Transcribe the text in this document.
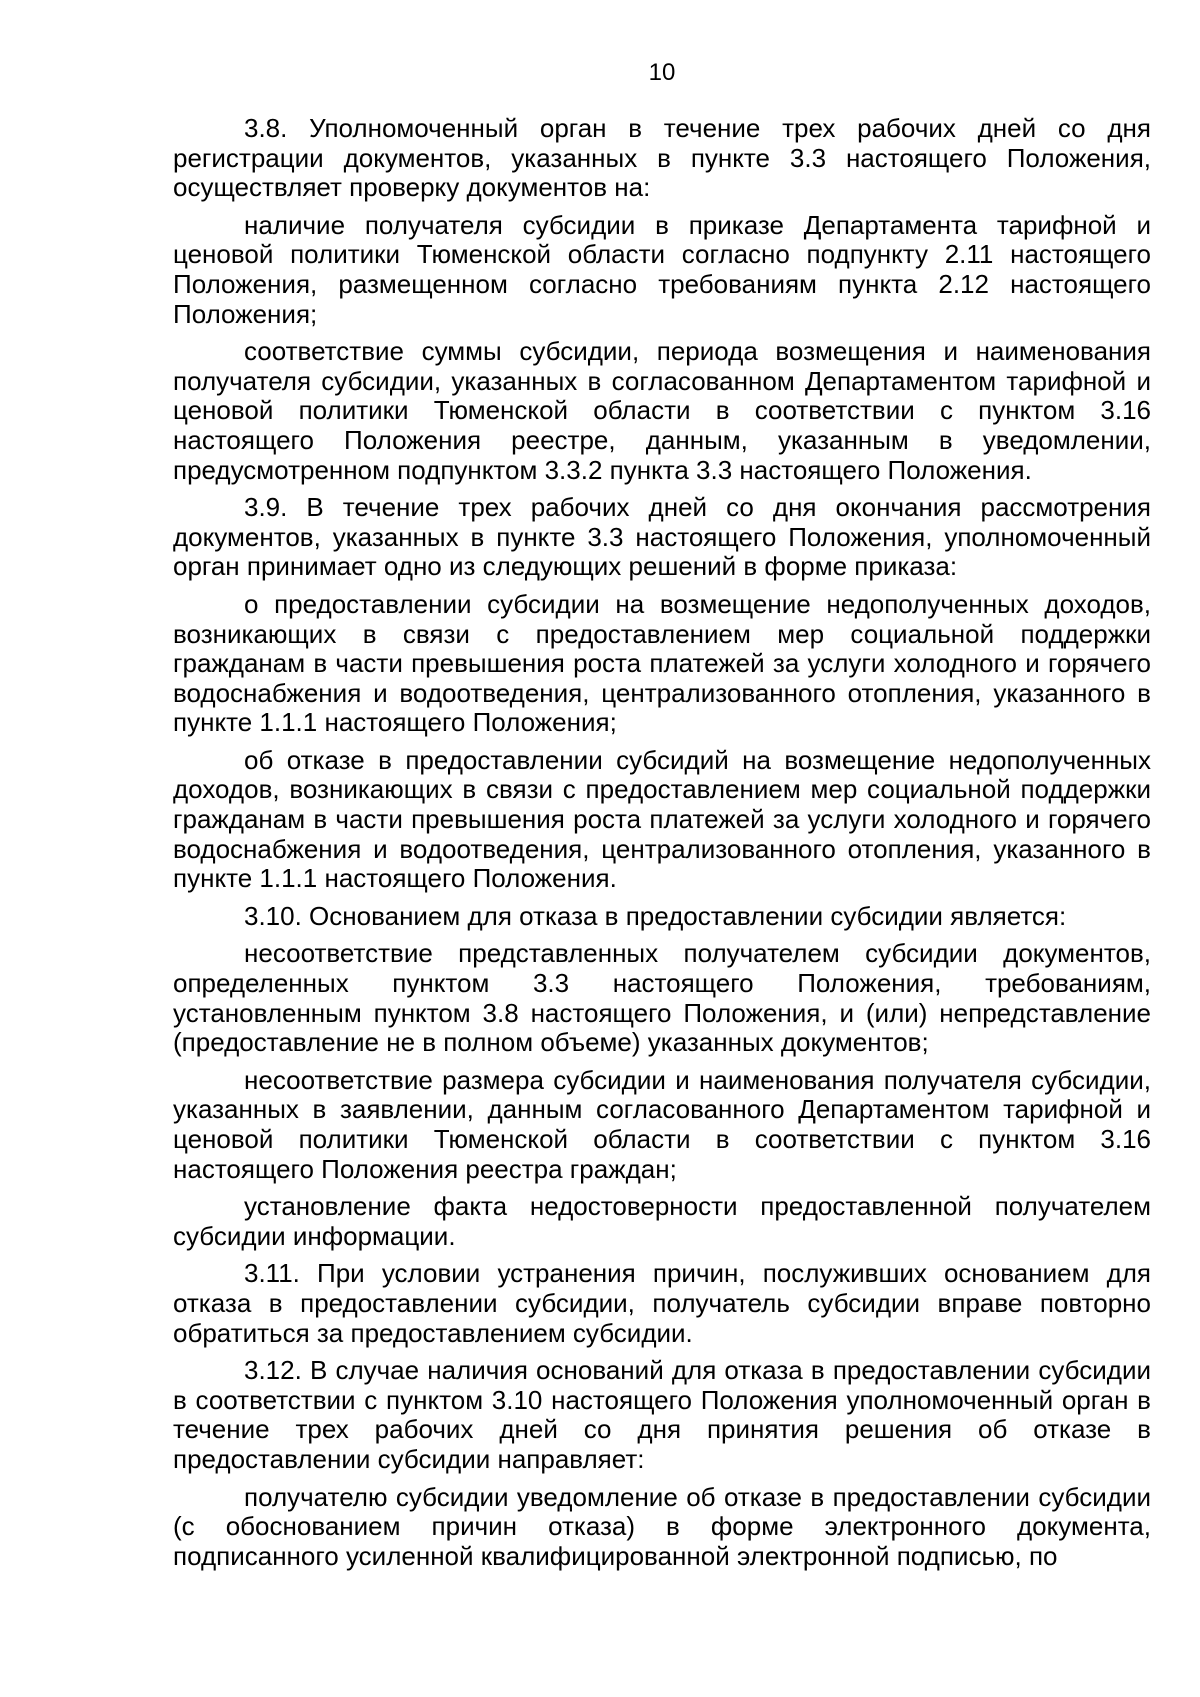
10

3.8. Уполномоченный орган в течение трех рабочих дней со дня регистрации документов, указанных в пункте 3.3 настоящего Положения, осуществляет проверку документов на:

наличие получателя субсидии в приказе Департамента тарифной и ценовой политики Тюменской области согласно подпункту 2.11 настоящего Положения, размещенном согласно требованиям пункта 2.12 настоящего Положения;

соответствие суммы субсидии, периода возмещения и наименования получателя субсидии, указанных в согласованном Департаментом тарифной и ценовой политики Тюменской области в соответствии с пунктом 3.16 настоящего Положения реестре, данным, указанным в уведомлении, предусмотренном подпунктом 3.3.2 пункта 3.3 настоящего Положения.

3.9. В течение трех рабочих дней со дня окончания рассмотрения документов, указанных в пункте 3.3 настоящего Положения, уполномоченный орган принимает одно из следующих решений в форме приказа:

о предоставлении субсидии на возмещение недополученных доходов, возникающих в связи с предоставлением мер социальной поддержки гражданам в части превышения роста платежей за услуги холодного и горячего водоснабжения и водоотведения, централизованного отопления, указанного в пункте 1.1.1 настоящего Положения;

об отказе в предоставлении субсидий на возмещение недополученных доходов, возникающих в связи с предоставлением мер социальной поддержки гражданам в части превышения роста платежей за услуги холодного и горячего водоснабжения и водоотведения, централизованного отопления, указанного в пункте 1.1.1 настоящего Положения.

3.10. Основанием для отказа в предоставлении субсидии является:

несоответствие представленных получателем субсидии документов, определенных пунктом 3.3 настоящего Положения, требованиям, установленным пунктом 3.8 настоящего Положения, и (или) непредставление (предоставление не в полном объеме) указанных документов;

несоответствие размера субсидии и наименования получателя субсидии, указанных в заявлении, данным согласованного Департаментом тарифной и ценовой политики Тюменской области в соответствии с пунктом 3.16 настоящего Положения реестра граждан;

установление факта недостоверности предоставленной получателем субсидии информации.

3.11. При условии устранения причин, послуживших основанием для отказа в предоставлении субсидии, получатель субсидии вправе повторно обратиться за предоставлением субсидии.

3.12. В случае наличия оснований для отказа в предоставлении субсидии в соответствии с пунктом 3.10 настоящего Положения уполномоченный орган в течение трех рабочих дней со дня принятия решения об отказе в предоставлении субсидии направляет:

получателю субсидии уведомление об отказе в предоставлении субсидии (с обоснованием причин отказа) в форме электронного документа, подписанного усиленной квалифицированной электронной подписью, по
